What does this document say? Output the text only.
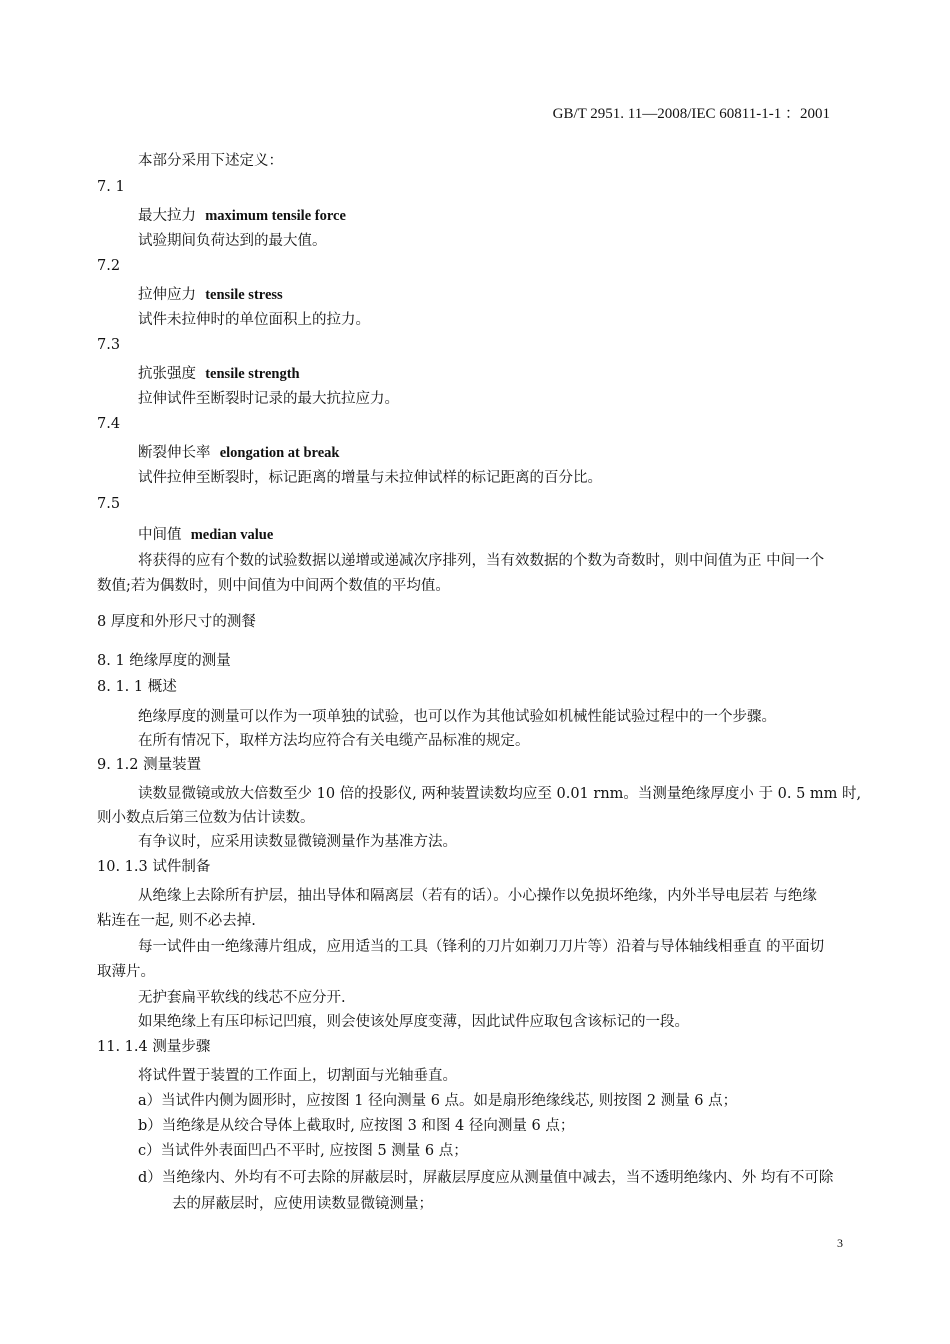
GB/T 2951. 11—2008/IEC 60811-1-1 ：2001
本部分采用下述定义：
7. 1
最大拉力 maximum tensile force
试验期间负荷达到的最大值。
7.2
拉伸应力 tensile stress
试件未拉伸时的单位面积上的拉力。
7.3
抗张强度 tensile strength
拉伸试件至断裂时记录的最大抗拉应力。
7.4
断裂伸长率 elongation at break
试件拉伸至断裂时，标记距离的增量与未拉伸试样的标记距离的百分比。
7.5
中间值 median value
将获得的应有个数的试验数据以递增或递减次序排列，当有效数据的个数为奇数时，则中间值为正 中间一个
数值;若为偶数时，则中间值为中间两个数值的平均值。
8 厚度和外形尺寸的测餐
8. 1 绝缘厚度的测量
8. 1. 1 概述
绝缘厚度的测量可以作为一项单独的试验，也可以作为其他试验如机械性能试验过程中的一个步骤。
在所有情况下，取样方法均应符合有关电缆产品标准的规定。
9. 1.2 测量装置
读数显微镜或放大倍数至少 10 倍的投影仪, 两种装置读数均应至 0.01 rnm。当测量绝缘厚度小 于 0. 5 mm 时,
则小数点后第三位数为估计读数。
有争议时，应采用读数显微镜测量作为基准方法。
10. 1.3 试件制备
从绝缘上去除所有护层，抽出导体和隔离层（若有的话）。小心操作以免损坏绝缘，内外半导电层若 与绝缘
粘连在一起, 则不必去掉.
每一试件由一绝缘薄片组成，应用适当的工具（锋利的刀片如剃刀刀片等）沿着与导体轴线相垂直 的平面切
取薄片。
无护套扁平软线的线芯不应分开.
如果绝缘上有压印标记凹痕，则会使该处厚度变薄，因此试件应取包含该标记的一段。
11. 1.4 测量步骤
将试件置于装置的工作面上，切割面与光轴垂直。
a）当试件内侧为圆形时，应按图 1 径向测量 6 点。如是扇形绝缘线芯, 则按图 2 测量 6 点；
b）当绝缘是从绞合导体上截取时, 应按图 3 和图 4 径向测量 6 点；
c）当试件外表面凹凸不平时, 应按图 5 测量 6 点；
d）当绝缘内、外均有不可去除的屏蔽层时，屏蔽层厚度应从测量值中减去，当不透明绝缘内、外 均有不可除
去的屏蔽层时，应使用读数显微镜测量；
3
